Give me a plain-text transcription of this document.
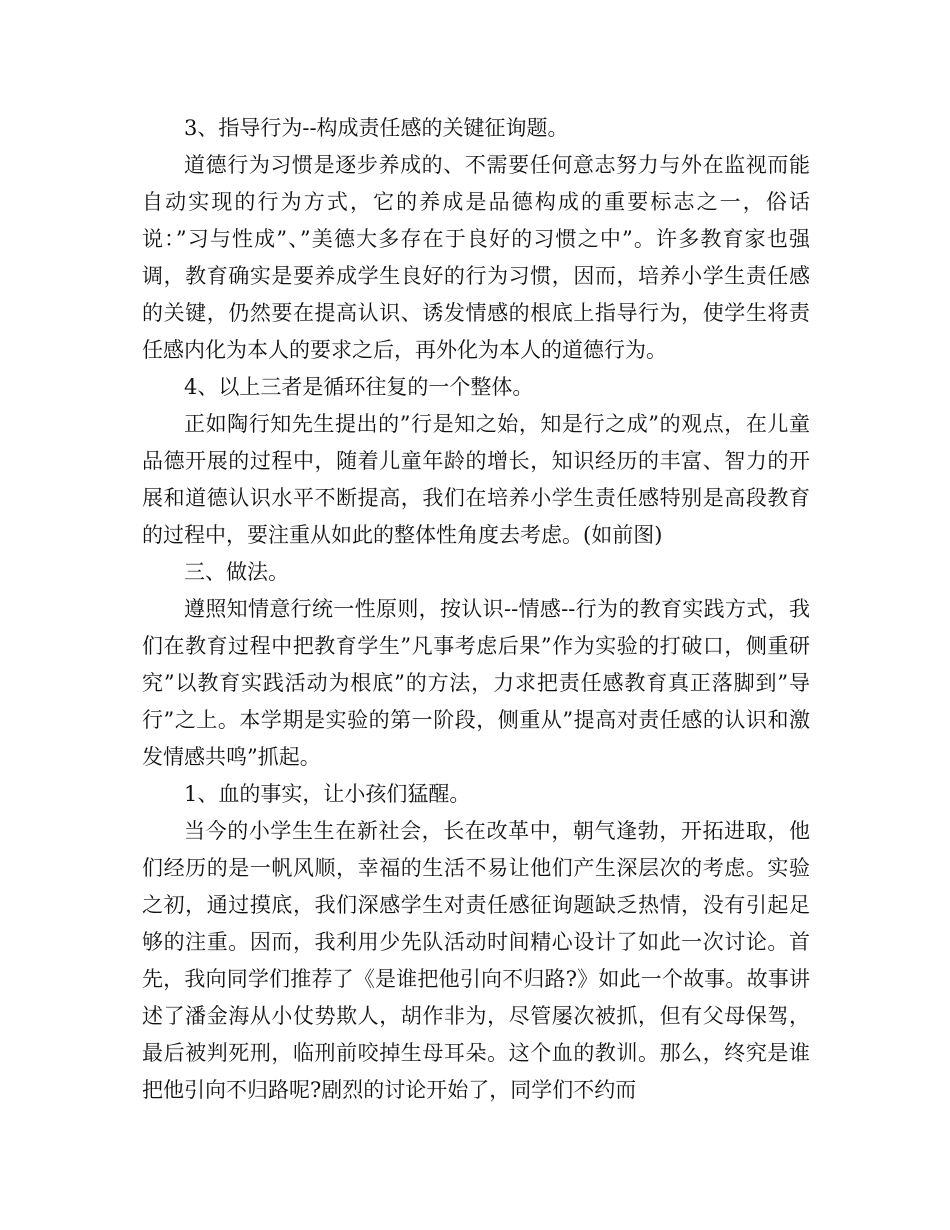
3、指导行为--构成责任感的关键征询题。

道德行为习惯是逐步养成的、不需要任何意志努力与外在监视而能自动实现的行为方式，它的养成是品德构成的重要标志之一，俗话说：”习与性成”、”美德大多存在于良好的习惯之中”。许多教育家也强调，教育确实是要养成学生良好的行为习惯，因而，培养小学生责任感的关键，仍然要在提高认识、诱发情感的根底上指导行为，使学生将责任感内化为本人的要求之后，再外化为本人的道德行为。

4、以上三者是循环往复的一个整体。

正如陶行知先生提出的”行是知之始，知是行之成”的观点，在儿童品德开展的过程中，随着儿童年龄的增长，知识经历的丰富、智力的开展和道德认识水平不断提高，我们在培养小学生责任感特别是高段教育的过程中，要注重从如此的整体性角度去考虑。(如前图)

三、做法。

遵照知情意行统一性原则，按认识--情感--行为的教育实践方式，我们在教育过程中把教育学生”凡事考虑后果”作为实验的打破口，侧重研究”以教育实践活动为根底”的方法，力求把责任感教育真正落脚到”导行”之上。本学期是实验的第一阶段，侧重从”提高对责任感的认识和激发情感共鸣”抓起。

1、血的事实，让小孩们猛醒。

当今的小学生生在新社会，长在改革中，朝气逢勃，开拓进取，他们经历的是一帆风顺，幸福的生活不易让他们产生深层次的考虑。实验之初，通过摸底，我们深感学生对责任感征询题缺乏热情，没有引起足够的注重。因而，我利用少先队活动时间精心设计了如此一次讨论。首先，我向同学们推荐了《是谁把他引向不归路?》如此一个故事。故事讲述了潘金海从小仗势欺人，胡作非为，尽管屡次被抓，但有父母保驾，最后被判死刑，临刑前咬掉生母耳朵。这个血的教训。那么，终究是谁把他引向不归路呢?剧烈的讨论开始了，同学们不约而
